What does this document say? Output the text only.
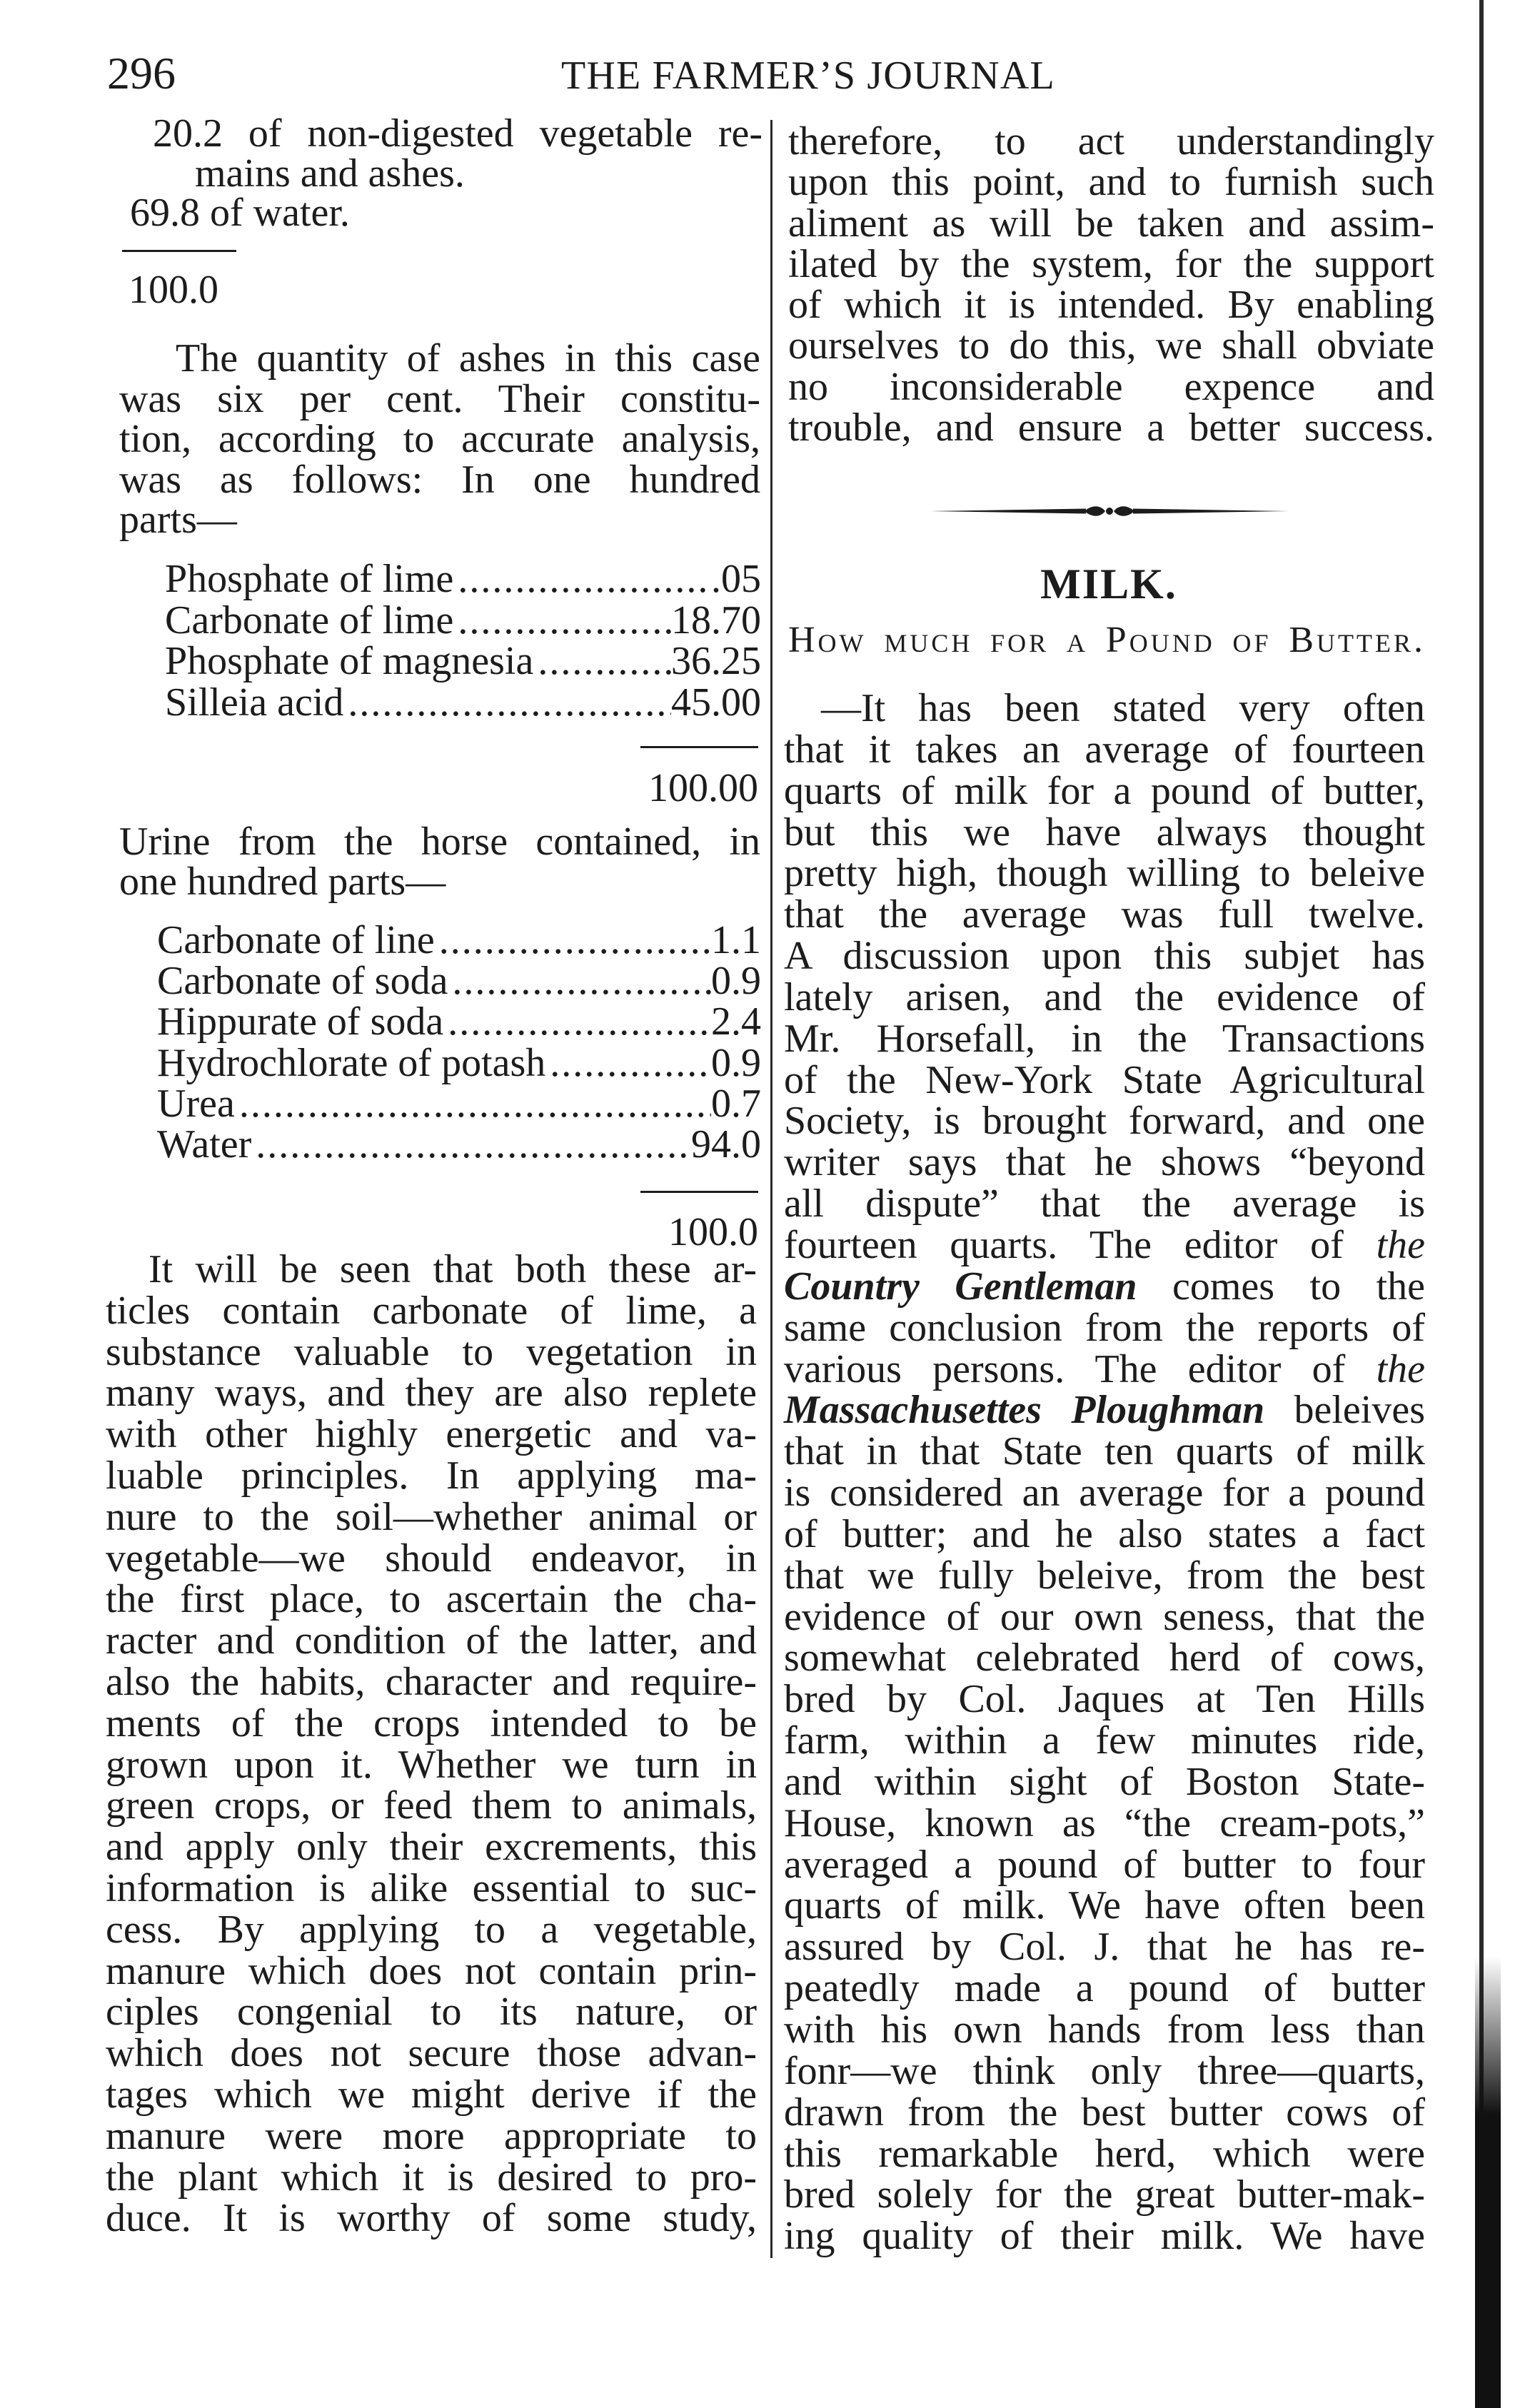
296	THE FARMER’S JOURNAL
20.2 of non-digested vegetable re-
mains and ashes.
69.8 of water.
100.0
The quantity of ashes in this case
was six per cent. Their constitu-
tion, according to accurate analysis,
was as follows: In one hundred
parts—
Phosphate of lime .....	.05
Carbonate of lime .....	18.70
Phosphate of magnesia .....	36.25
Silleia acid .....	45.00
100.00
Urine from the horse contained, in
one hundred parts—
Carbonate of line .....	1.1
Carbonate of soda .....	0.9
Hippurate of soda .....	2.4
Hydrochlorate of potash .....	0.9
Urea .....	0.7
Water .....	94.0
100.0
It will be seen that both these ar-
ticles contain carbonate of lime, a
substance valuable to vegetation in
many ways, and they are also replete
with other highly energetic and va-
luable principles. In applying ma-
nure to the soil—whether animal or
vegetable—we should endeavor, in
the first place, to ascertain the cha-
racter and condition of the latter, and
also the habits, character and require-
ments of the crops intended to be
grown upon it. Whether we turn in
green crops, or feed them to animals,
and apply only their excrements, this
information is alike essential to suc-
cess. By applying to a vegetable,
manure which does not contain prin-
ciples congenial to its nature, or
which does not secure those advan-
tages which we might derive if the
manure were more appropriate to
the plant which it is desired to pro-
duce. It is worthy of some study,
therefore, to act understandingly
upon this point, and to furnish such
aliment as will be taken and assim-
ilated by the system, for the support
of which it is intended. By enabling
ourselves to do this, we shall obviate
no inconsiderable expence and
trouble, and ensure a better success.
MILK.
How much for a Pound of Butter.
—It has been stated very often
that it takes an average of fourteen
quarts of milk for a pound of butter,
but this we have always thought
pretty high, though willing to beleive
that the average was full twelve.
A discussion upon this subjet has
lately arisen, and the evidence of
Mr. Horsefall, in the Transactions
of the New-York State Agricultural
Society, is brought forward, and one
writer says that he shows “beyond
all dispute” that the average is
fourteen quarts. The editor of the
Country Gentleman comes to the
same conclusion from the reports of
various persons. The editor of the
Massachusettes Ploughman beleives
that in that State ten quarts of milk
is considered an average for a pound
of butter; and he also states a fact
that we fully beleive, from the best
evidence of our own seness, that the
somewhat celebrated herd of cows,
bred by Col. Jaques at Ten Hills
farm, within a few minutes ride,
and within sight of Boston State-
House, known as “the cream-pots,”
averaged a pound of butter to four
quarts of milk. We have often been
assured by Col. J. that he has re-
peatedly made a pound of butter
with his own hands from less than
fonr—we think only three—quarts,
drawn from the best butter cows of
this remarkable herd, which were
bred solely for the great butter-mak-
ing quality of their milk. We have
